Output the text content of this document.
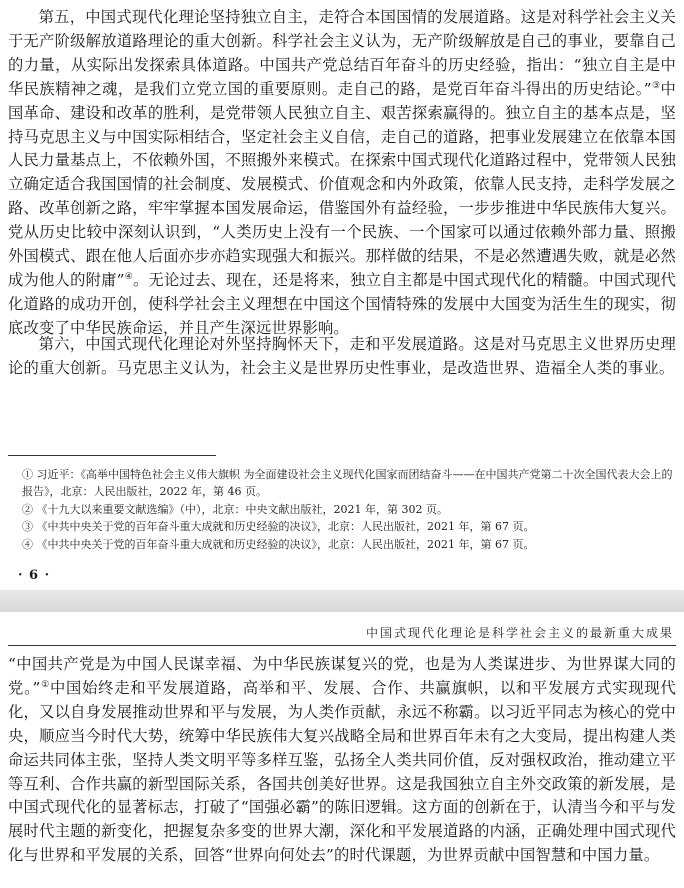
第五，中国式现代化理论坚持独立自主，走符合本国国情的发展道路。这是对科学社会主义关于无产阶级解放道路理论的重大创新。科学社会主义认为，无产阶级解放是自己的事业，要靠自己的力量，从实际出发探索具体道路。中国共产党总结百年奋斗的历史经验，指出：“独立自主是中华民族精神之魂，是我们立党立国的重要原则。走自己的路，是党百年奋斗得出的历史结论。”③中国革命、建设和改革的胜利，是党带领人民独立自主、艰苦探索赢得的。独立自主的基本点是，坚持马克思主义与中国实际相结合，坚定社会主义自信，走自己的道路，把事业发展建立在依靠本国人民力量基点上，不依赖外国，不照搬外来模式。在探索中国式现代化道路过程中，党带领人民独立确定适合我国国情的社会制度、发展模式、价值观念和内外政策，依靠人民支持，走科学发展之路、改革创新之路，牢牢掌握本国发展命运，借鉴国外有益经验，一步步推进中华民族伟大复兴。党从历史比较中深刻认识到，“人类历史上没有一个民族、一个国家可以通过依赖外部力量、照搬外国模式、跟在他人后面亦步亦趋实现强大和振兴。那样做的结果，不是必然遭遇失败，就是必然成为他人的附庸”④。无论过去、现在，还是将来，独立自主都是中国式现代化的精髓。中国式现代化道路的成功开创，使科学社会主义理想在中国这个国情特殊的发展中大国变为活生生的现实，彻底改变了中华民族命运，并且产生深远世界影响。

第六，中国式现代化理论对外坚持胸怀天下，走和平发展道路。这是对马克思主义世界历史理论的重大创新。马克思主义认为，社会主义是世界历史性事业，是改造世界、造福全人类的事业。

① 习近平：《高举中国特色社会主义伟大旗帜 为全面建设社会主义现代化国家而团结奋斗——在中国共产党第二十次全国代表大会上的报告》，北京：人民出版社，2022 年，第 46 页。

② 《十九大以来重要文献选编》（中），北京：中央文献出版社，2021 年，第 302 页。

③ 《中共中央关于党的百年奋斗重大成就和历史经验的决议》，北京：人民出版社，2021 年，第 67 页。

④ 《中共中央关于党的百年奋斗重大成就和历史经验的决议》，北京：人民出版社，2021 年，第 67 页。

· 6 ·
中国式现代化理论是科学社会主义的最新重大成果

“中国共产党是为中国人民谋幸福、为中华民族谋复兴的党，也是为人类谋进步、为世界谋大同的党。”①中国始终走和平发展道路，高举和平、发展、合作、共赢旗帜，以和平发展方式实现现代化，又以自身发展推动世界和平与发展，为人类作贡献，永远不称霸。以习近平同志为核心的党中央，顺应当今时代大势，统筹中华民族伟大复兴战略全局和世界百年未有之大变局，提出构建人类命运共同体主张，坚持人类文明平等多样互鉴，弘扬全人类共同价值，反对强权政治，推动建立平等互利、合作共赢的新型国际关系，各国共创美好世界。这是我国独立自主外交政策的新发展，是中国式现代化的显著标志，打破了“国强必霸”的陈旧逻辑。这方面的创新在于，认清当今和平与发展时代主题的新变化，把握复杂多变的世界大潮，深化和平发展道路的内涵，正确处理中国式现代化与世界和平发展的关系，回答“世界向何处去”的时代课题，为世界贡献中国智慧和中国力量。
